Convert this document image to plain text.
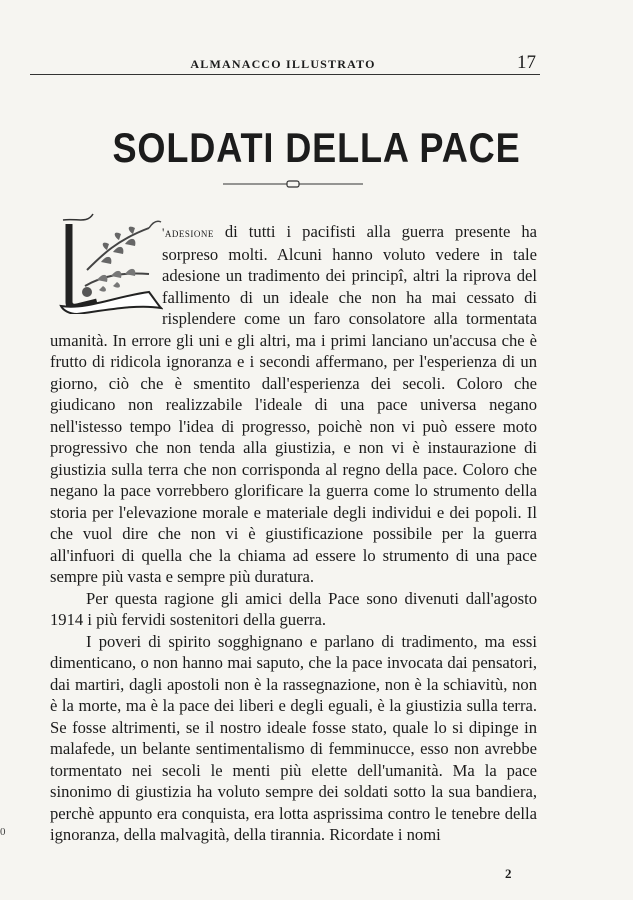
ALMANACCO ILLUSTRATO	17
SOLDATI DELLA PACE

'adesione di tutti i pacifisti alla guerra presente ha sorpreso molti. Alcuni hanno voluto vedere in tale adesione un tradimento dei principî, altri la riprova del fallimento di un ideale che non ha mai cessato di risplendere come un faro consolatore alla tormentata umanità. In errore gli uni e gli altri, ma i primi lanciano un'accusa che è frutto di ridicola ignoranza e i secondi affermano, per l'esperienza di un giorno, ciò che è smentito dall'esperienza dei secoli. Coloro che giudicano non realizzabile l'ideale di una pace universa negano nell'istesso tempo l'idea di progresso, poichè non vi può essere moto progressivo che non tenda alla giustizia, e non vi è instaurazione di giustizia sulla terra che non corrisponda al regno della pace. Coloro che negano la pace vorrebbero glorificare la guerra come lo strumento della storia per l'elevazione morale e materiale degli individui e dei popoli. Il che vuol dire che non vi è giustificazione possibile per la guerra all'infuori di quella che la chiama ad essere lo strumento di una pace sempre più vasta e sempre più duratura.

Per questa ragione gli amici della Pace sono divenuti dall'agosto 1914 i più fervidi sostenitori della guerra.

I poveri di spirito sogghignano e parlano di tradimento, ma essi dimenticano, o non hanno mai saputo, che la pace invocata dai pensatori, dai martiri, dagli apostoli non è la rassegnazione, non è la schiavitù, non è la morte, ma è la pace dei liberi e degli eguali, è la giustizia sulla terra. Se fosse altrimenti, se il nostro ideale fosse stato, quale lo si dipinge in malafede, un belante sentimentalismo di femminucce, esso non avrebbe tormentato nei secoli le menti più elette dell'umanità. Ma la pace sinonimo di giustizia ha voluto sempre dei soldati sotto la sua bandiera, perchè appunto era conquista, era lotta asprissima contro le tenebre della ignoranza, della malvagità, della tirannia. Ricordate i nomi

0
2
